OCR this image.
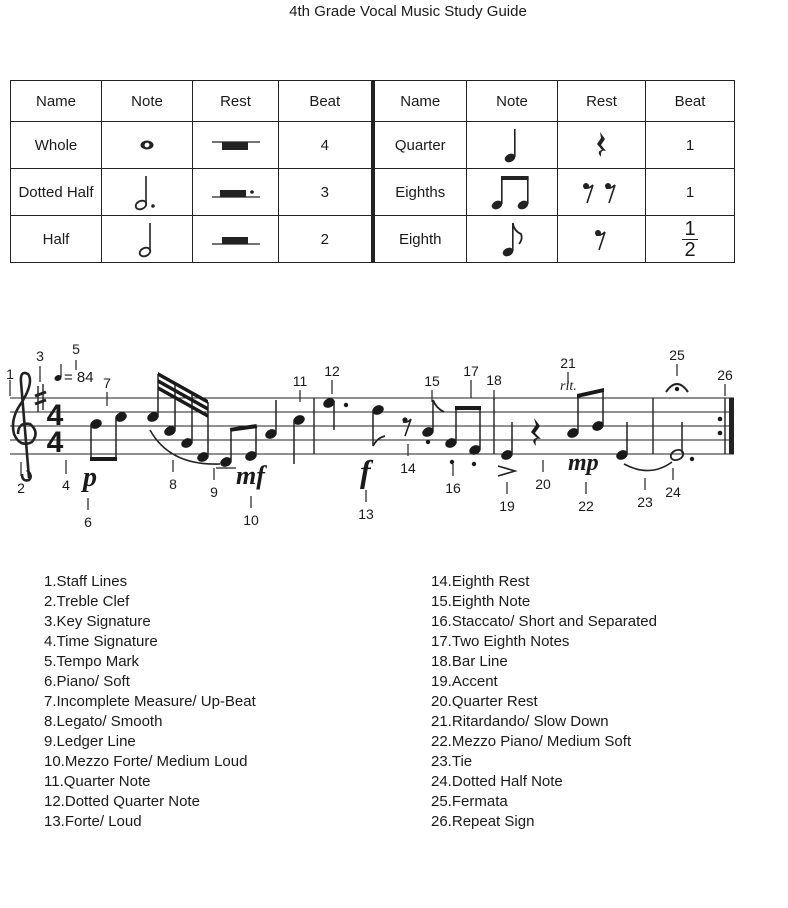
4th Grade Vocal Music Study Guide
Name	Note	Rest	Beat	Name	Note	Rest	Beat
Whole			4	Quarter			1
Dotted Half			3	Eighths			1
Half			2	Eighth			$\frac{1}{2}$
4
4
= 84
p	mf	f
rit.
mp
1
2
3
4
5
6
7
8 9
10
11
12
13
14
15
16
17
18
19
20
21
22	23
24
25
26
1.Staff Lines
2.Treble Clef
3.Key Signature
4.Time Signature
5.Tempo Mark
6.Piano/ Soft
7.Incomplete Measure/ Up-Beat
8.Legato/ Smooth
9.Ledger Line
10.Mezzo Forte/ Medium Loud
11.Quarter Note
12.Dotted Quarter Note
13.Forte/ Loud
14.Eighth Rest
15.Eighth Note
16.Staccato/ Short and Separated
17.Two Eighth Notes
18.Bar Line
19.Accent
20.Quarter Rest
21.Ritardando/ Slow Down
22.Mezzo Piano/ Medium Soft
23.Tie
24.Dotted Half Note
25.Fermata
26.Repeat Sign
